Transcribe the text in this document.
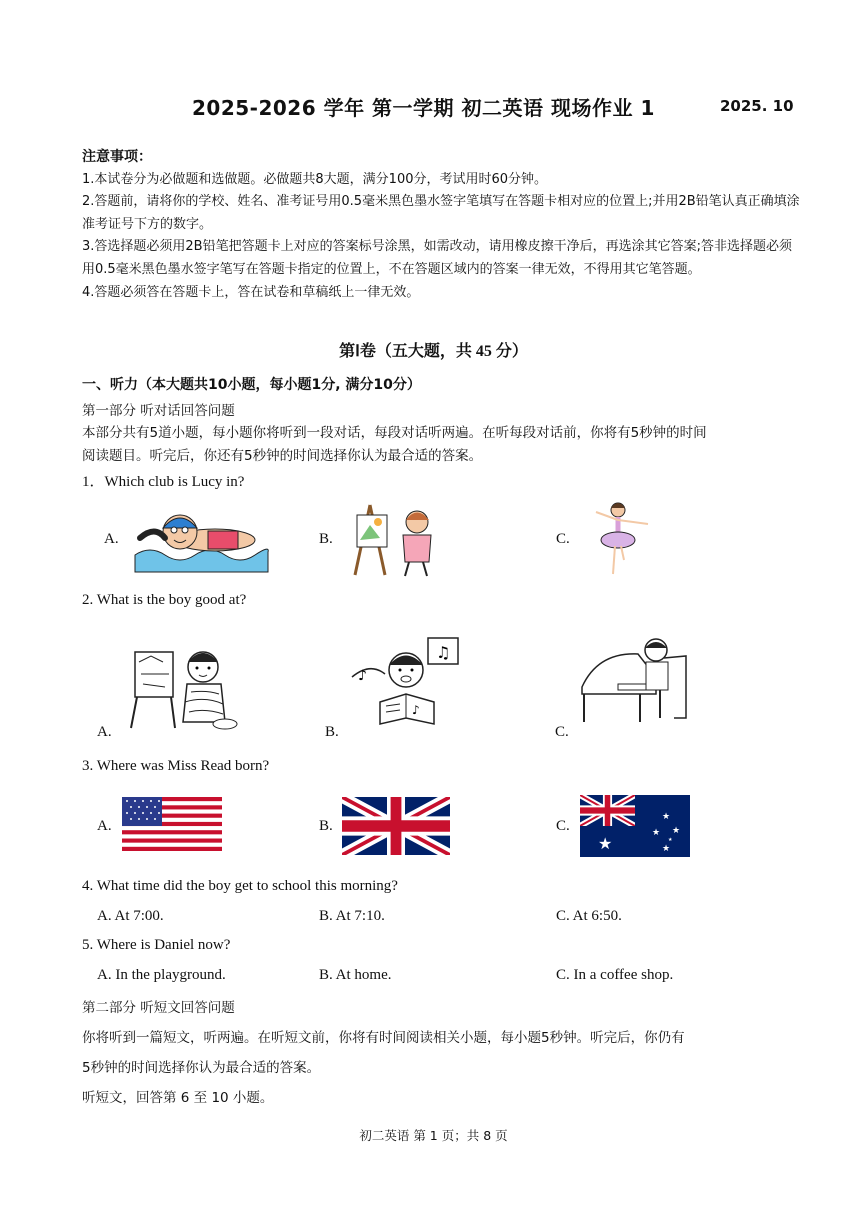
2025-2026 学年 第一学期 初二英语 现场作业 1	2025. 10

注意事项：

1.本试卷分为必做题和选做题。必做题共8大题，满分100分，考试用时60分钟。

2.答题前，请将你的学校、姓名、准考证号用0.5毫米黑色墨水签字笔填写在答题卡相对应的位置上;并用2B铅笔认真正确填涂准考证号下方的数字。

3.答选择题必须用2B铅笔把答题卡上对应的答案标号涂黑，如需改动，请用橡皮擦干净后，再选涂其它答案;答非选择题必须用0.5毫米黑色墨水签字笔写在答题卡指定的位置上，不在答题区域内的答案一律无效，不得用其它笔答题。

4.答题必须答在答题卡上，答在试卷和草稿纸上一律无效。

第Ⅰ卷（五大题，共 45 分）
一、听力（本大题共10小题，每小题1分, 满分10分）
第一部分 听对话回答问题
本部分共有5道小题，每小题你将听到一段对话，每段对话听两遍。在听每段对话前，你将有5秒钟的时间
阅读题目。听完后，你还有5秒钟的时间选择你认为最合适的答案。
1．Which club is Lucy in?
A.	B.	C.
2. What is the boy good at?
A.	B.	C.
♪
♫
♪
3. Where was Miss Read born?
A.	B.	C.
★
★
★ ★
★
★
4. What time did the boy get to school this morning?
A. At 7:00.	B. At 7:10.	C. At 6:50.
5. Where is Daniel now?
A. In the playground.	B. At home.	C. In a coffee shop.
第二部分 听短文回答问题
你将听到一篇短文，听两遍。在听短文前，你将有时间阅读相关小题，每小题5秒钟。听完后，你仍有
5秒钟的时间选择你认为最合适的答案。
听短文，回答第 6 至 10 小题。
初二英语 第 1 页；共 8 页
